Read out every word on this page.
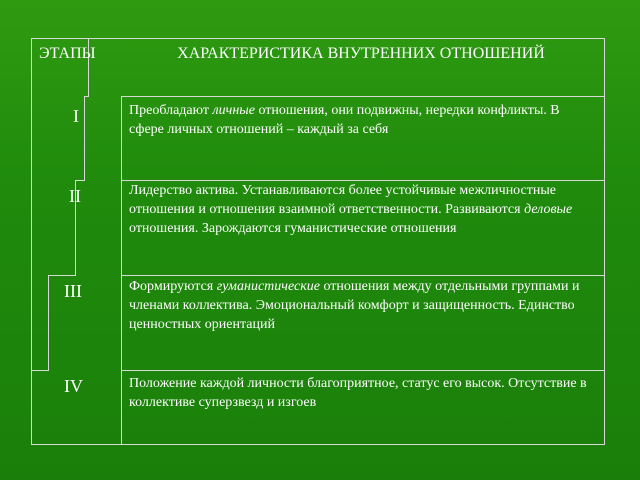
ЭТАПЫ	ХАРАКТЕРИСТИКА ВНУТРЕННИХ ОТНОШЕНИЙ
I
II
III
IV
Преобладают личные отношения, они подвижны, нередки конфликты. В сфере личных отношений – каждый за себя
Лидерство актива. Устанавливаются более устойчивые межличностные отношения и отношения взаимной ответственности. Развиваются деловые отношения. Зарождаются гуманистические отношения
Формируются гуманистические отношения между отдельными группами и членами коллектива. Эмоциональный комфорт и защищенность. Единство ценностных ориентаций
Положение каждой личности благоприятное, статус его высок. Отсутствие в коллективе суперзвезд и изгоев
